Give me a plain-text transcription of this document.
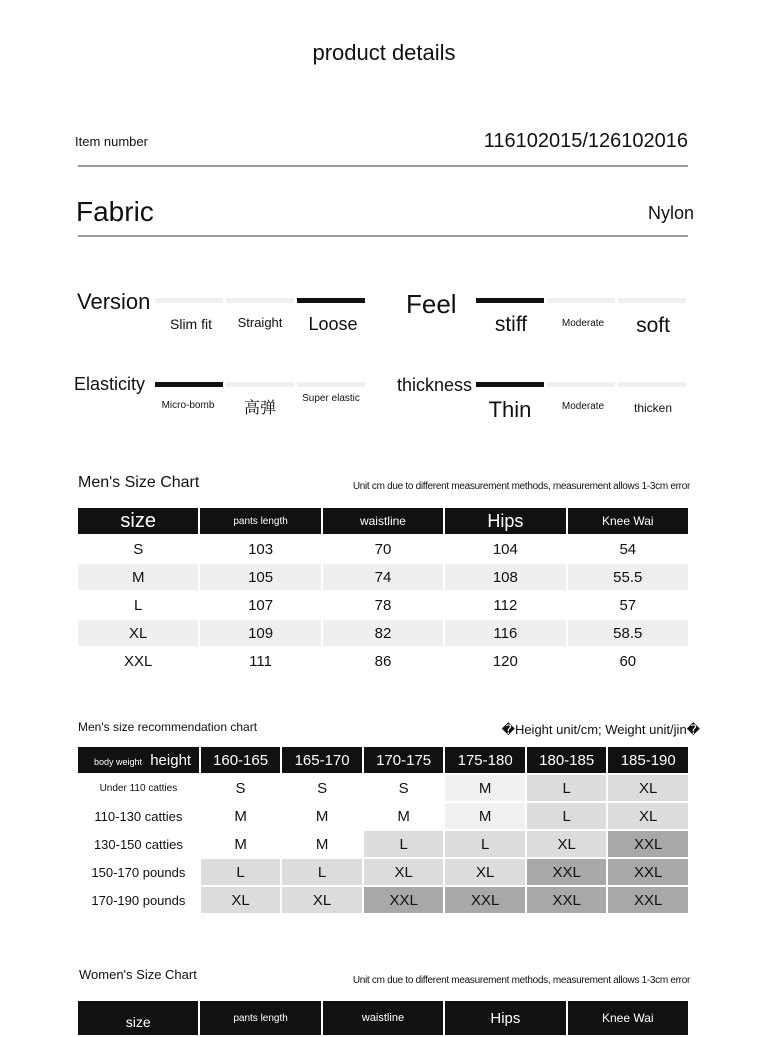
product details
Item number	116102015/126102016
Fabric	Nylon
Version
Slim fit	Straight	Loose
Feel
stiff	Moderate	soft
Elasticity
Micro-bomb	高弹
Super elastic
thickness
Thin	Moderate	thicken
Men's Size Chart	Unit cm due to different measurement methods, measurement allows 1-3cm error
size	pants length	waistline	Hips	Knee Wai
S	103	70	104	54
M	105	74	108	55.5
L	107	78	112	57
XL	109	82	116	58.5
XXL	111	86	120	60
Men's size recommendation chart	�Height unit/cm; Weight unit/jin�
body weight height	160-165	165-170	170-175	175-180	180-185	185-190
Under 110 catties	S	S	S	M	L	XL
110-130 catties	M	M	M	M	L	XL
130-150 catties	M	M	L	L	XL	XXL
150-170 pounds	L	L	XL	XL	XXL	XXL
170-190 pounds	XL	XL	XXL	XXL	XXL	XXL
Women's Size Chart	Unit cm due to different measurement methods, measurement allows 1-3cm error
size	pants length	waistline	Hips	Knee Wai
